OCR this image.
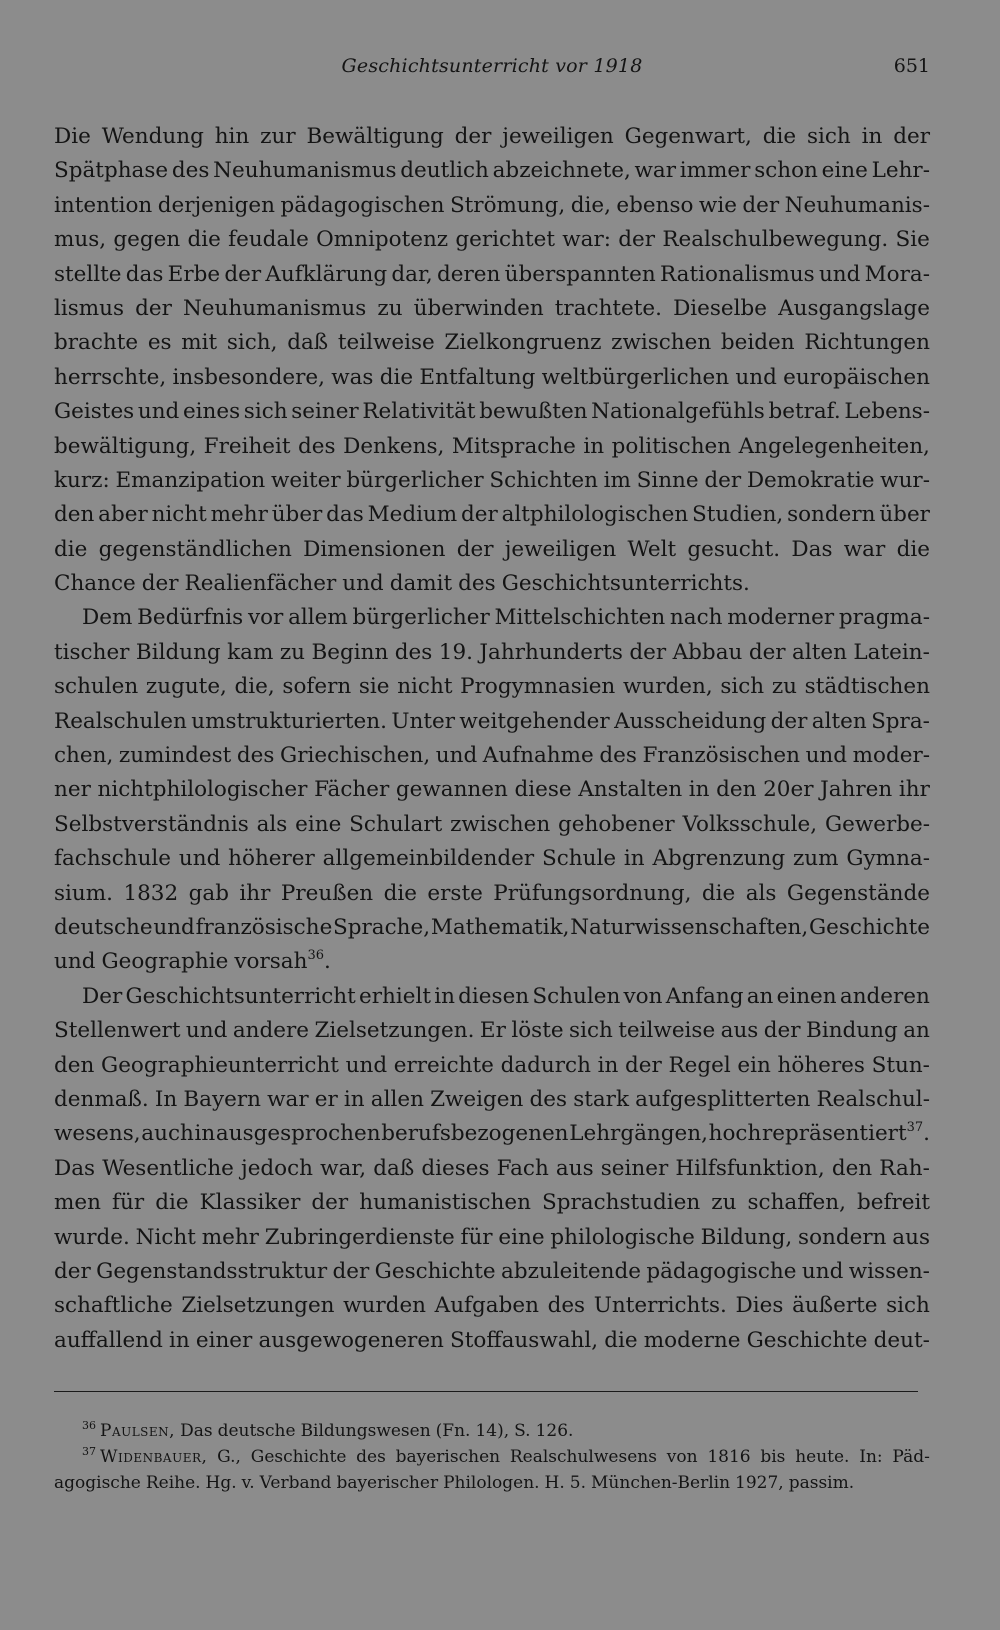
Geschichtsunterricht vor 1918	651
Die Wendung hin zur Bewältigung der jeweiligen Gegenwart, die sich in der
Spätphase des Neuhumanismus deutlich abzeichnete, war immer schon eine Lehr-
intention derjenigen pädagogischen Strömung, die, ebenso wie der Neuhumanis-
mus, gegen die feudale Omnipotenz gerichtet war: der Realschulbewegung. Sie
stellte das Erbe der Aufklärung dar, deren überspannten Rationalismus und Mora-
lismus der Neuhumanismus zu überwinden trachtete. Dieselbe Ausgangslage
brachte es mit sich, daß teilweise Zielkongruenz zwischen beiden Richtungen
herrschte, insbesondere, was die Entfaltung weltbürgerlichen und europäischen
Geistes und eines sich seiner Relativität bewußten Nationalgefühls betraf. Lebens-
bewältigung, Freiheit des Denkens, Mitsprache in politischen Angelegenheiten,
kurz: Emanzipation weiter bürgerlicher Schichten im Sinne der Demokratie wur-
den aber nicht mehr über das Medium der altphilologischen Studien, sondern über
die gegenständlichen Dimensionen der jeweiligen Welt gesucht. Das war die
Chance der Realienfächer und damit des Geschichtsunterrichts.
Dem Bedürfnis vor allem bürgerlicher Mittelschichten nach moderner pragma-
tischer Bildung kam zu Beginn des 19. Jahrhunderts der Abbau der alten Latein-
schulen zugute, die, sofern sie nicht Progymnasien wurden, sich zu städtischen
Realschulen umstrukturierten. Unter weitgehender Ausscheidung der alten Spra-
chen, zumindest des Griechischen, und Aufnahme des Französischen und moder-
ner nichtphilologischer Fächer gewannen diese Anstalten in den 20er Jahren ihr
Selbstverständnis als eine Schulart zwischen gehobener Volksschule, Gewerbe-
fachschule und höherer allgemeinbildender Schule in Abgrenzung zum Gymna-
sium. 1832 gab ihr Preußen die erste Prüfungsordnung, die als Gegenstände
deutsche und französische Sprache, Mathematik, Naturwissenschaften, Geschichte
und Geographie vorsah$^{36}$.
Der Geschichtsunterricht erhielt in diesen Schulen von Anfang an einen anderen
Stellenwert und andere Zielsetzungen. Er löste sich teilweise aus der Bindung an
den Geographieunterricht und erreichte dadurch in der Regel ein höheres Stun-
denmaß. In Bayern war er in allen Zweigen des stark aufgesplitterten Realschul-
wesens, auch in ausgesprochen berufsbezogenen Lehrgängen, hoch repräsentiert$^{37}$.
Das Wesentliche jedoch war, daß dieses Fach aus seiner Hilfsfunktion, den Rah-
men für die Klassiker der humanistischen Sprachstudien zu schaffen, befreit
wurde. Nicht mehr Zubringerdienste für eine philologische Bildung, sondern aus
der Gegenstandsstruktur der Geschichte abzuleitende pädagogische und wissen-
schaftliche Zielsetzungen wurden Aufgaben des Unterrichts. Dies äußerte sich
auffallend in einer ausgewogeneren Stoffauswahl, die moderne Geschichte deut-
$^{36}$ Paulsen, Das deutsche Bildungswesen (Fn. 14), S. 126.
$^{37}$ Widenbauer, G., Geschichte des bayerischen Realschulwesens von 1816 bis heute. In: Päd-
agogische Reihe. Hg. v. Verband bayerischer Philologen. H. 5. München-Berlin 1927, passim.
